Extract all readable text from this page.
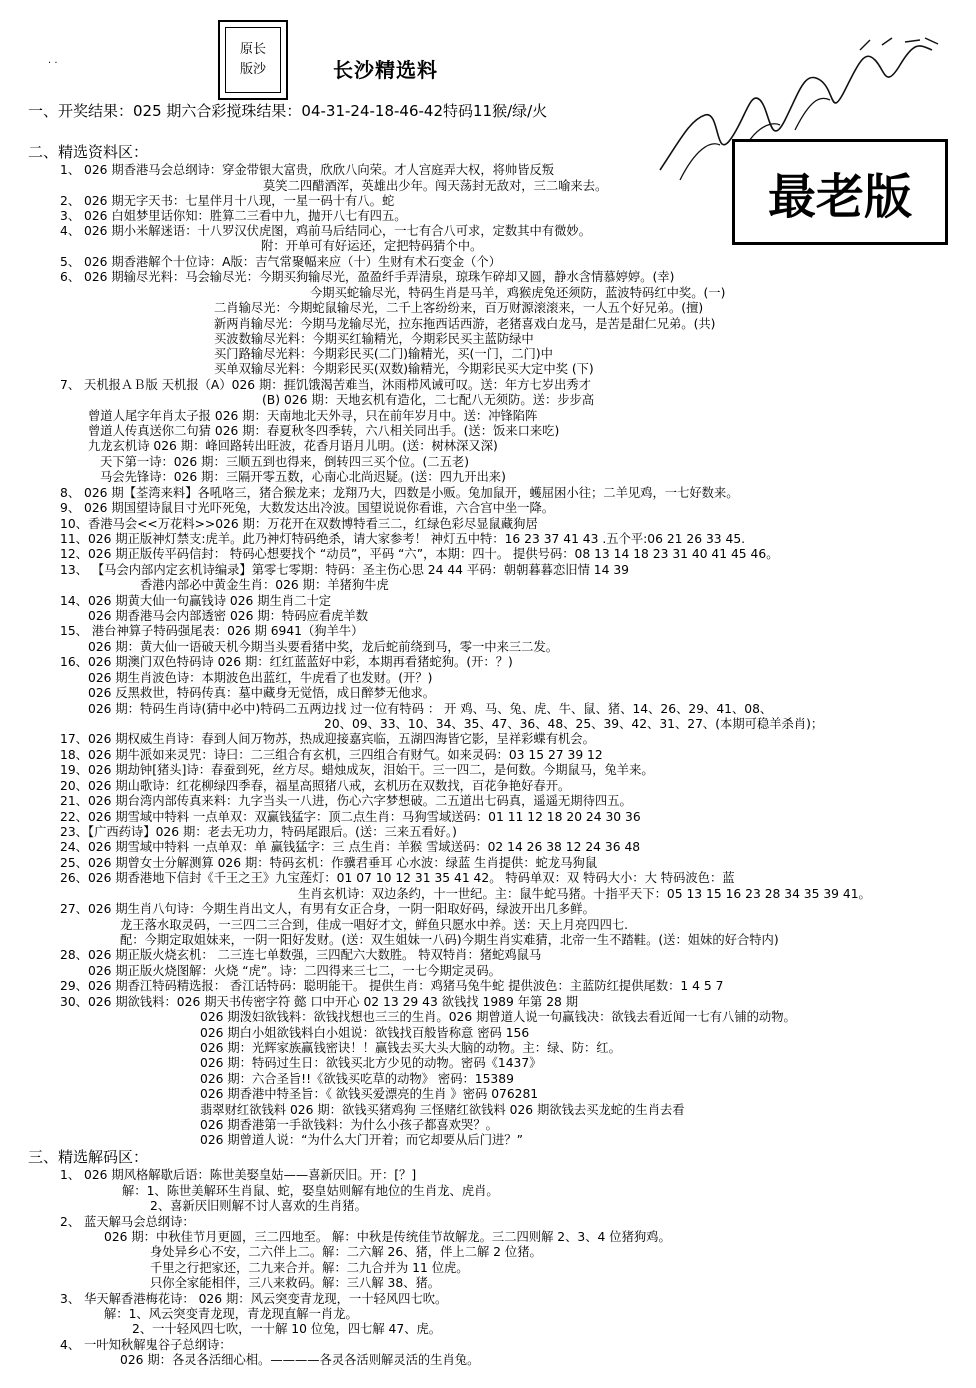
原长
版沙
· ·	长沙精选料
最老版
一、开奖结果：025 期六合彩搅珠结果：04-31-24-18-46-42特码11猴/绿/火
二、精选资料区：
1、 026 期香港马会总纲诗：穿金带银大富贵，欣欣八向荣。才人宫庭弄大权，将帅皆反叛
莫笑二四醋酒浑，英雄出少年。闯天荡封无敌对，三二喻来去。
2、 026 期无字天书：七星伴月十八现，一星一码十有八。蛇
3、 026 白姐梦里话你知：胜算二三看中九，抛开八七有四五。
4、 026 期小米解迷语：十八罗汉伏虎图，鸡前马后结同心，一七有合八可求，定数其中有微妙。
附：开单可有好运还，定把特码猜个中。
5、 026 期香港解个十位诗：A版：吉气常聚幅来应（十）生财有术石变金（个）
6、 026 期输尽光料：马会输尽光：今期买狗输尽光，盈盈纤手弄清泉，琼珠乍碎却又圆，静水含情慕婷婷。(幸)
今期买蛇输尽光，特码生肖是马羊，鸡猴虎兔还须防，蓝波特码红中奖。(一)
二肖输尽光：今期蛇鼠输尽光，二千上客纷纷来，百万财源滚滚来，一人五个好兄弟。(擅)
新两肖输尽光：今期马龙输尽光，拉东拖西话西游，老猪喜戏白龙马，是苦是甜仁兄弟。(共)
买波数输尽光料：今期买红输精光，今期彩民买主蓝防绿中
买门路输尽光料：今期彩民买(二门)输精光，买(一门，二门)中
买单双输尽光料：今期彩民买(双数)输精光，今期彩民买大定中奖 (下)
7、 天机报ＡＢ版 天机报（A）026 期：捱饥饿渴苦难当，沐雨栉风诫可叹。送：年方七岁出秀才
(B) 026 期：天地玄机有造化，二七配八无须防。送：步步高
曾道人尾字年肖太子报 026 期：天南地北天外寻，只在前年岁月中。送：冲锋陷阵
曾道人传真送你二句猜 026 期：春夏秋冬四季转，六八相关同出手。(送：饭来口来吃)
九龙玄机诗 026 期：峰回路转出旺波，花香月语月儿明。(送：树林深又深)
天下第一诗：026 期：三顺五到也得来，倒转四三买个位。(二五老)
马会先锋诗：026 期：三隔开零五数，心南心北尚迟疑。(送：四九开出来)
8、 026 期【荃湾来料】各吼咯三，猪合猴龙来；龙翔乃大，四数是小贩。兔加鼠开，蠖屈困小往；二羊见鸡，一七好数来。
9、 026 期国望诗鼠目寸光吓死兔，大数发达出冷波。国望说说你看谁，六合宫中坐一降。
10、香港马会<<万花料>>026 期：万花开在双数博特看三二，红绿色彩尽显鼠藏狗居
11、026 期正版神灯禁支:虎羊。此乃神灯特码绝杀，请大家参考！ 神灯五中特：16 23 37 41 43 .五个平:06 21 26 33 45.
12、026 期正版传平码信封： 特码心想要找个 “动员”，平码 “六”，本期：四十。 提供号码：08 13 14 18 23 31 40 41 45 46。
13、 【马会内部内定玄机诗编录】第零七零期：特码：圣主伤心思 24 44 平码：朝朝暮暮恋旧情 14 39
香港内部必中黄金生肖：026 期：羊猪狗牛虎
14、026 期黄大仙一句赢钱诗 026 期生肖二十定
026 期香港马会内部透密 026 期：特码应看虎羊数
15、 港台神算子特码强尾表：026 期 6941（狗羊牛）
026 期：黄大仙一语破天机今期当头要看猪中奖，龙后蛇前绕到马，零一中来三二发。
16、026 期澳门双色特码诗 026 期：红红蓝蓝好中彩，本期再看猪蛇狗。(开：？)
026 期生肖波色诗：本期波色出蓝红，牛虎看了也发财。(开？)
026 反黑救世，特码传真：墓中藏身无觉悟，成日醉梦无他求。
026 期：特码生肖诗(猜中必中)特码二五两边找 过一位有特码 ： 开 鸡、马、兔、虎、牛、鼠、猪、14、26、29、41、08、
20、09、33、10、34、35、47、36、48、25、39、42、31、27、(本期可稳羊杀肖)；
17、026 期权威生肖诗：春到人间万物苏，热成迎接嘉宾临，五湖四海皆它影，呈祥彩蝶有机会。
18、026 期牛派如来灵咒：诗曰：二三组合有玄机，三四组合有财气。如来灵码：03 15 27 39 12
19、026 期劫钟[猪头]诗：春蚕到死，丝方尽。蜡烛成灰，泪始干。三一四二，是何数。今期鼠马，兔羊来。
20、026 期山歌诗：红花柳绿四季春，福星高照猪八戒，玄机历在双数找，百花争艳好春开。
21、026 期台湾内部传真来料：九字当头一八进，伤心六字梦想破。二五道出七码真，遥遥无期待四五。
22、026 期雪域中特料 一点单双：双赢钱猛字：顶二点生肖：马狗雪域送码：01 11 12 18 20 24 30 36
23、【广西药诗】026 期：老去无功力，特码尾跟后。(送：三来五看好。)
24、026 期雪域中特料 一点单双：单 赢钱猛字：三 点生肖：羊猴 雪域送码：02 14 26 38 12 24 36 48
25、026 期曾女士分解测算 026 期：特码玄机：作骥君垂耳 心水波：绿蓝 生肖提供：蛇龙马狗鼠
26、026 期香港地下信封《千王之王》九宝莲灯：01 07 10 12 31 35 41 42。 特码单双：双 特码大小：大 特码波色：蓝
生肖玄机诗：双边条约，十一世纪。主：鼠牛蛇马猪。十指平天下：05 13 15 16 23 28 34 35 39 41。
27、026 期生肖八句诗：今期生肖出文人，有男有女正合身，一阴一阳取好码，绿波开出几多鲜。
龙王落水取灵码，一三四二三合到，佳成一唱好才文，鲜鱼只愿水中养。送：天上月亮四四七.
配：今期定取姐妹来，一阴一阳好发财。(送：双生姐妹一八码)今期生肖实难猜，北帝一生不踏鞋。(送：姐妹的好合特内)
28、026 期正版火烧玄机： 二三连七单数强，三四配六大数胜。 特双特肖：猪蛇鸡鼠马
026 期正版火烧图解：火烧 “虎”。诗：二四得来三七二，一七今期定灵码。
29、026 期香江特码精选报： 香江话特码：聪明能干。 提供生肖：鸡猪马兔牛蛇 提供波色：主蓝防红提供尾数：1 4 5 7
30、026 期欲钱料：026 期天书传密字符 懿 口中开心 02 13 29 43 欲钱找 1989 年第 28 期
026 期泼妇欲钱料：欲钱找想也三三的生肖。026 期曾道人说一句赢钱决：欲钱去看近闻一七有八铺的动物。
026 期白小姐欲钱料白小姐说：欲钱找百般皆称意 密码 156
026 期：光辉家族赢钱密诀！！赢钱去买大头大脑的动物。主：绿、防：红。
026 期：特码过生日：欲钱买北方少见的动物。密码《1437》
026 期：六合圣旨!!《欲钱买吃草的动物》 密码：15389
026 期香港中特圣旨：《 欲钱买爱漂亮的生肖 》密码 076281
翡翠财红欲钱料 026 期：欲钱买猪鸡狗 三怪赌红欲钱料 026 期欲钱去买龙蛇的生肖去看
026 期香港第一手欲钱料：为什么小孩子都喜欢哭？。
026 期曾道人说：“为什么大门开着；而它却要从后门进？”
三、精选解码区：
1、 026 期风格解歇后语：陈世美娶皇姑——喜新厌旧。开：[？]
解：1、陈世美解环生肖鼠、蛇，娶皇姑则解有地位的生肖龙、虎肖。
2、喜新厌旧则解不讨人喜欢的生肖猪。
2、 蓝天解马会总纲诗：
026 期：中秋佳节月更圆，三二四地至。 解：中秋是传统佳节故解龙。三二四则解 2、3、4 位猪狗鸡。
身处异乡心不安，二六伴上二。解：二六解 26、猪，伴上二解 2 位猪。
千里之行把家还，二九来合并。解：二九合并为 11 位虎。
只你全家能相伴，三八来救码。解：三八解 38、猪。
3、 华天解香港梅花诗： 026 期：风云突变青龙现，一十轻风四七吹。
解：1、风云突变青龙现，青龙现直解一肖龙。
2、一十轻风四七吹，一十解 10 位兔，四七解 47、虎。
4、 一叶知秋解鬼谷子总纲诗：
026 期：各灵各活细心相。————各灵各活则解灵活的生肖兔。
